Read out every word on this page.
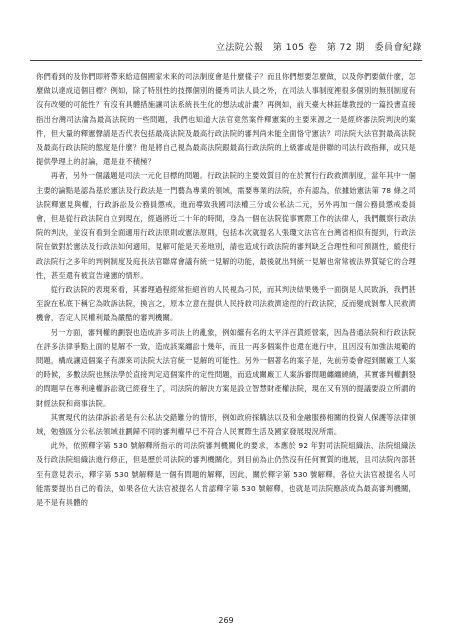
立法院公報　第 105 卷　第 72 期　委員會紀錄

你們看到的及你們即將帶來給這個國家未來的司法制度會是什麼樣子？而且你們想要怎麼做，以及你們要做什麼，怎麼做以達成這個目標？例如，除了特別性的技擇個別的優秀司法人員之外，在司法人事制度裡很多個別的無別制度有沒有改變的可能性？有沒有具體措施讓司法系統長生化的想法或計畫？再例如，前天臺大林鈺雄教授的一篇投書直接指出台灣司法淪為最高法院的一些問題，我們也知道大法官竟然案件釋憲案的主要來源之一是經終審法院判決的案件，但大量的釋憲聲請是否代表包括最高法院及最高行政法院的審判尚未能全面恪守憲法？司法院大法官對最高法院及最高行政法院的態度是什麼？他是將自己視為最高法院跟最高行政法院的上級審或是併聯的司法行政指揮，或只是提供學理上的討論，還是並不積極？

再者，另外一個議題是司法一元化目標的問題。行政法院的主要效質目的在於實行行政救濟制度，當年其中一個主要的論點是認為基於憲法及行政法是一門藝為專業的領域，需要專業的法院，亦有認為，依據始憲法第 78 條之司法院釋憲見與權，行政訴訟及公務員懲戒，進而導致我國司法權三分或公私法二元，另外再加一個公務員懲戒委員會，但是從行政法院自立到現在，經過將近二十年的時間，身為一個在法院從事實際工作的法律人，我們觀察行政法院的判決，並沒有看到全面適用行政法原則或憲法原則，包括本次就提名人張瓊文法官在台灣省相似有提到，行政法院在做對於憲法及行政法如何適用，見解可能是天差地別，請也造成行政法院的審判缺乏合理性和可預測性，縱使行政法院行之多年的判例制度及庭長法官聯席會議有統一見解的功能，最後就出判統一見解也常常被法界質疑它的合理性，甚至還有被宣告違憲的情形。

從行政法院的表現來看，其審理過程經常拒絕首的人民視為刁民，而其判決結果幾乎一面倒是人民敗訴，我們甚至說在私底下稱它為敗訴法院，換言之，原本立意在提供人民持救司法救濟途徑的行政法院，反而變成剝奪人民救濟機會，否定人民權利最為嚴酷的審判機關。

另一方面，審判權的劃裂也造成許多司法上的亂象，例如繼有名的太平洋百貨經營案，因為普通法院和行政法院在評多法律爭點上面的見解不一致，造成該案纏訟十幾年，而且一再多個案件也還在進行中，且因沒有加強法規範的問題，構成讓這個案子有課來司法院大法官統一見解的可能性。另外一個著名的案子是，先前劳委會趕到關廠工人案的時候，多數法院也無法學於直接判定這個案件的定性問題，而造成關廠工人案訴審問題纏纏繞繞，其實審判權劃裂的問題早在專利違權訴訟就已經發生了，司法院的解決方案是設立智慧財產權法院，現在又有別的提議要設立所謂的財經法院和商事法院。

其實現代的法律訴訟者是有公私法交錯難分的情形，例如政府採購法以及和金融服務相關的投資人保護等法律領域，勉強區分公私法領域並劃歸不同的審判權早已不符合人民實際生活及國家發展現況所需。

此外，依照釋字第 530 號解釋所指示的司法院審判機關化的要求，本應於 92 年對司法院組織法、法院組織法及行政法院組織法進行修正，但是歷於司法院的審判機關化，到目前為止仍然沒有任何實質的進展，且司法院內部甚至有意見表示，釋字第 530 號解釋是一個有問題的解釋，因此，關於釋字第 530 號解釋，各位大法官被提名人可能需要提出自己的看法，如果各位大法官被提名人肯認釋字第 530 號解釋，也就是司法院應該成為最高審判機關，是不是有具體的

269
